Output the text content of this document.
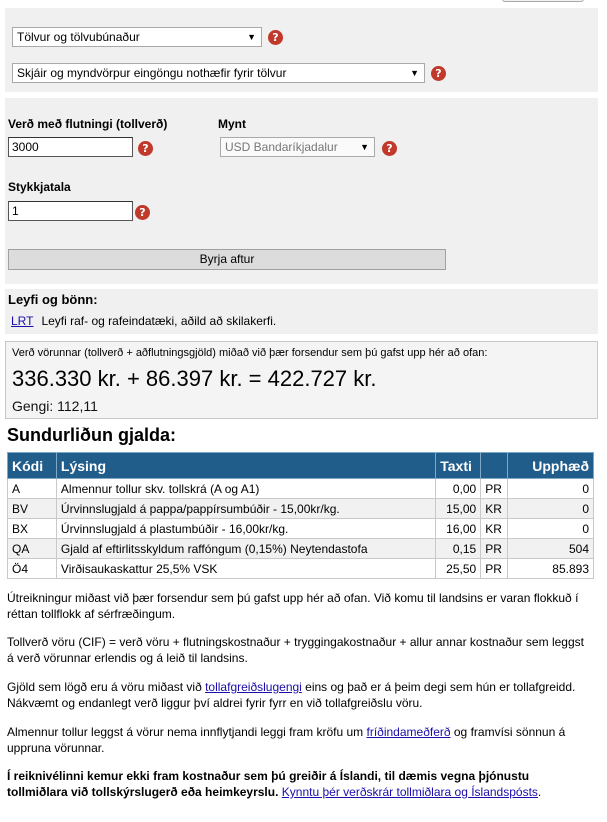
Tölvur og tölvubúnaður	▼	?
Skjáir og myndvörpur eingöngu nothæfir fyrir tölvur	▼	?
Verð með flutningi (tollverð)
3000	?
Mynt
USD Bandaríkjadalur ▼	?
Stykkjatala
1	?
Byrja aftur
Leyfi og bönn:
LRT Leyfi raf- og rafeindatæki, aðild að skilakerfi.
Verð vörunnar (tollverð + aðflutningsgjöld) miðað við þær forsendur sem þú gafst upp hér að ofan:
336.330 kr. + 86.397 kr. = 422.727 kr.
Gengi: 112,11
Sundurliðun gjalda:
Kódi	Lýsing	Taxti		Upphæð
A	Almennur tollur skv. tollskrá (A og A1)	0,00	PR	0
BV	Úrvinnslugjald á pappa/pappírsumbúðir - 15,00kr/kg.	15,00	KR	0
BX	Úrvinnslugjald á plastumbúðir - 16,00kr/kg.	16,00	KR	0
QA	Gjald af eftirlitsskyldum raffóngum (0,15%) Neytendastofa	0,15	PR	504
Ö4	Virðisaukaskattur 25,5% VSK	25,50	PR	85.893
Útreikningur miðast við þær forsendur sem þú gafst upp hér að ofan. Við komu til landsins er varan flokkuð í réttan tollflokk af sérfræðingum.
Tollverð vöru (CIF) = verð vöru + flutningskostnaður + tryggingakostnaður + allur annar kostnaður sem leggst á verð vörunnar erlendis og á leið til landsins.
Gjöld sem lögð eru á vöru miðast við tollafgreiðslugengi eins og það er á þeim degi sem hún er tollafgreidd. Nákvæmt og endanlegt verð liggur því aldrei fyrir fyrr en við tollafgreiðslu vöru.
Almennur tollur leggst á vörur nema innflytjandi leggi fram kröfu um fríðindameðferð og framvísi sönnun á uppruna vörunnar.
Í reiknivélinni kemur ekki fram kostnaður sem þú greiðir á Íslandi, til dæmis vegna þjónustu tollmiðlara við tollskýrslugerð eða heimkeyrslu. Kynntu þér verðskrár tollmiðlara og Íslandspósts.
